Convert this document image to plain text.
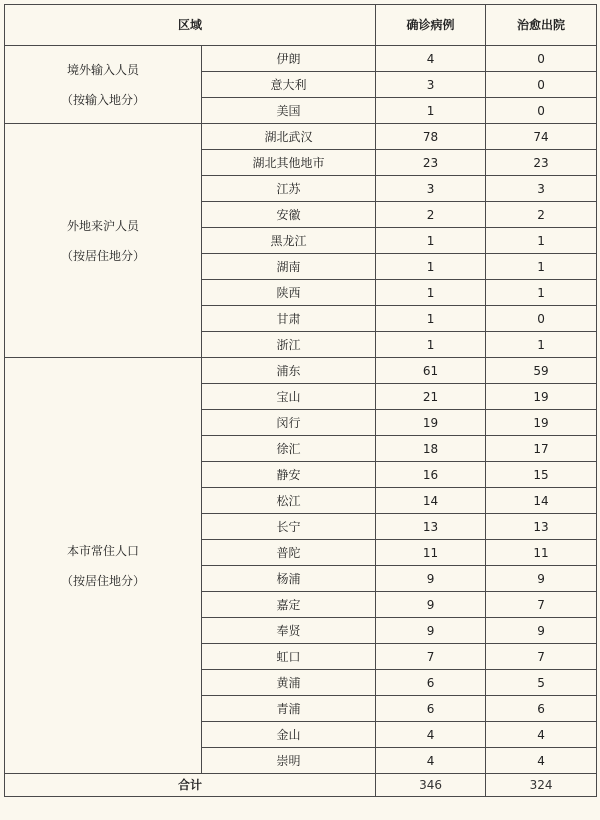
区域		确诊病例	治愈出院
境外输入人员
（按输入地分）	伊朗	4	0
	意大利	3	0
	美国	1	0
外地来沪人员
（按居住地分）	湖北武汉	78	74
	湖北其他地市	23	23
	江苏	3	3
	安徽	2	2
	黑龙江	1	1
	湖南	1	1
	陕西	1	1
	甘肃	1	0
	浙江	1	1
本市常住人口
（按居住地分）	浦东	61	59
	宝山	21	19
	闵行	19	19
	徐汇	18	17
	静安	16	15
	松江	14	14
	长宁	13	13
	普陀	11	11
	杨浦	9	9
	嘉定	9	7
	奉贤	9	9
	虹口	7	7
	黄浦	6	5
	青浦	6	6
	金山	4	4
	崇明	4	4
合计		346	324
